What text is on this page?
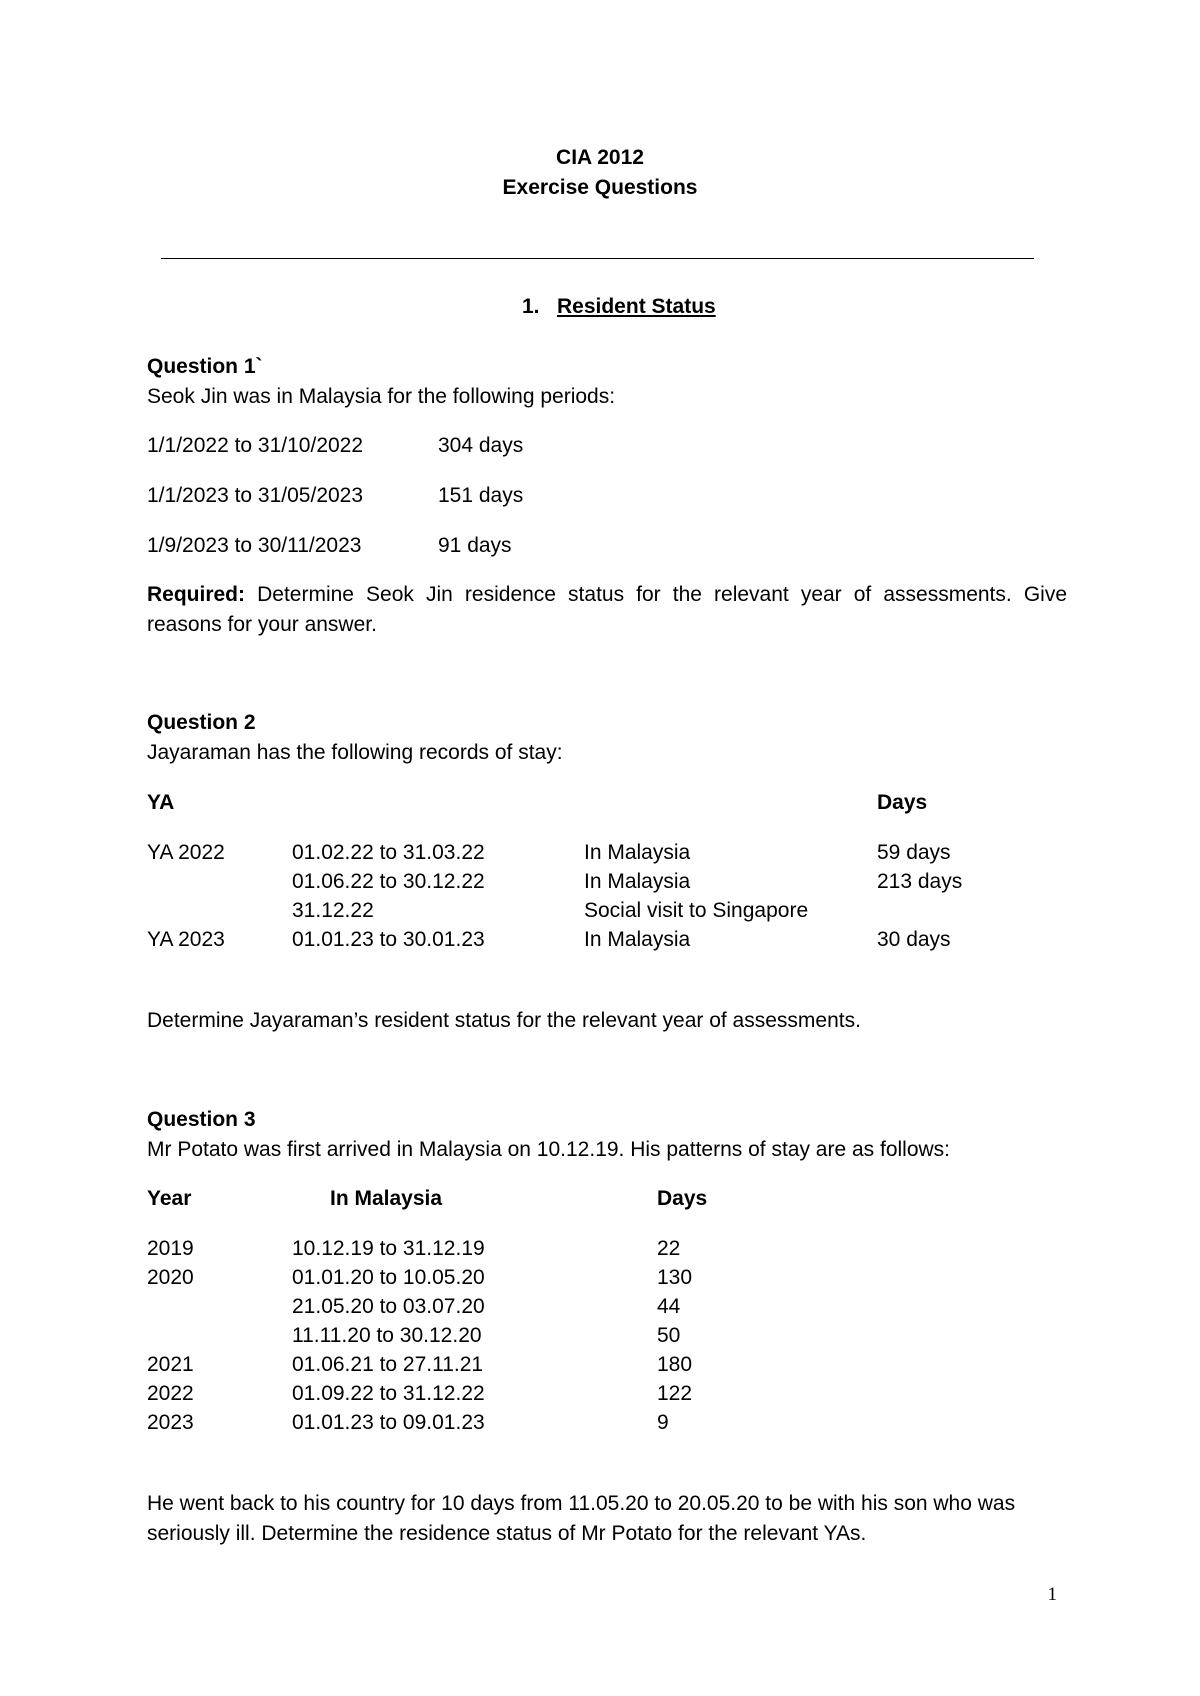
CIA 2012
Exercise Questions
1. Resident Status
Question 1`
Seok Jin was in Malaysia for the following periods:
1/1/2022 to 31/10/2022	304 days
1/1/2023 to 31/05/2023	151 days
1/9/2023 to 30/11/2023	91 days
Required: Determine Seok Jin residence status for the relevant year of assessments. Give reasons for your answer.
Question 2
Jayaraman has the following records of stay:
YA	Days
YA 2022	01.02.22 to 31.03.22	In Malaysia	59 days
01.06.22 to 30.12.22	In Malaysia	213 days
31.12.22	Social visit to Singapore
YA 2023	01.01.23 to 30.01.23	In Malaysia	30 days
Determine Jayaraman’s resident status for the relevant year of assessments.
Question 3
Mr Potato was first arrived in Malaysia on 10.12.19. His patterns of stay are as follows:
Year	In Malaysia	Days
2019	10.12.19 to 31.12.19	22
2020	01.01.20 to 10.05.20	130
21.05.20 to 03.07.20	44
11.11.20 to 30.12.20	50
2021	01.06.21 to 27.11.21	180
2022	01.09.22 to 31.12.22	122
2023	01.01.23 to 09.01.23	9
He went back to his country for 10 days from 11.05.20 to 20.05.20 to be with his son who was seriously ill. Determine the residence status of Mr Potato for the relevant YAs.
1
